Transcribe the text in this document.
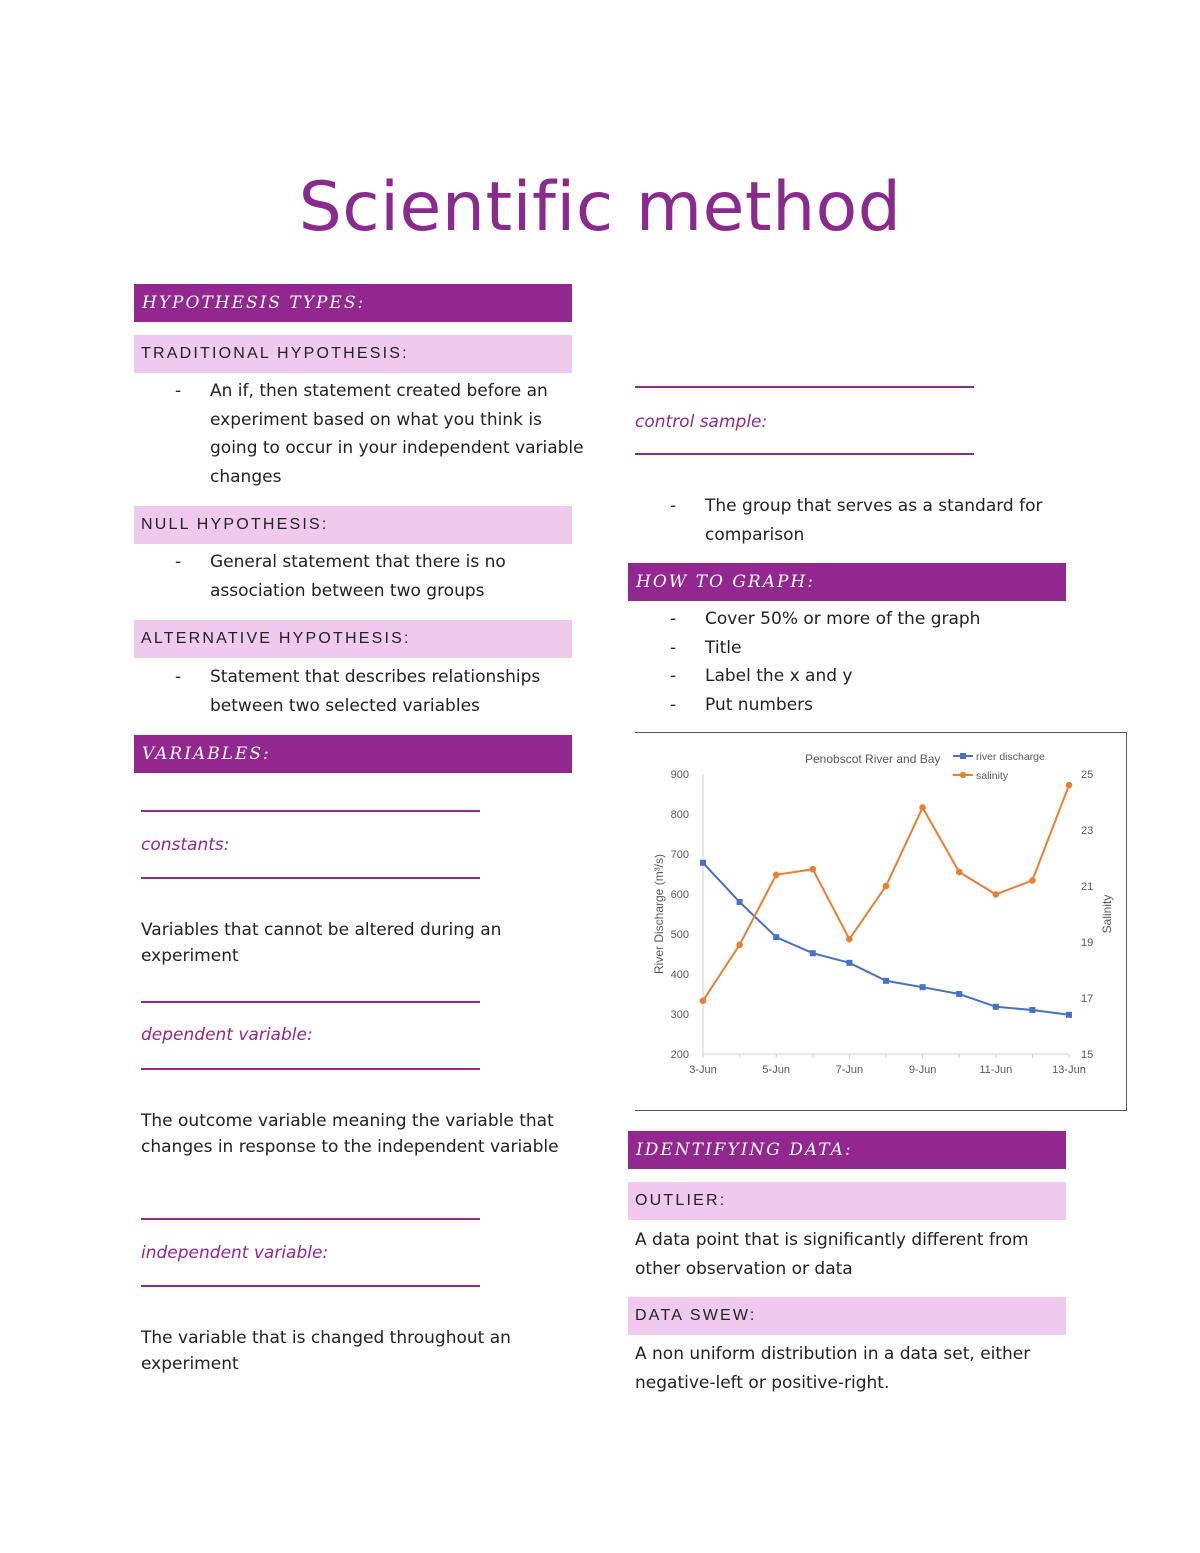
Scientific method
HYPOTHESIS TYPES:
TRADITIONAL HYPOTHESIS:
- An if, then statement created before an experiment based on what you think is going to occur in your independent variable changes
NULL HYPOTHESIS:
- General statement that there is no association between two groups
ALTERNATIVE HYPOTHESIS:
- Statement that describes relationships between two selected variables
VARIABLES:
constants:
Variables that cannot be altered during an experiment
dependent variable:
The outcome variable meaning the variable that changes in response to the independent variable
independent variable:
The variable that is changed throughout an experiment
control sample:
- The group that serves as a standard for comparison
HOW TO GRAPH:
- Cover 50% or more of the graph
- Title
- Label the x and y
- Put numbers
Penobscot River and Bay	river discharge
salinity
River Discharge (m³/s)	Salinity
200
300
400
500
600
700
800
900
15
17
19
21
23
25
3-Jun	5-Jun	7-Jun	9-Jun	11-Jun	13-Jun
IDENTIFYING DATA:
OUTLIER:
A data point that is significantly different from other observation or data
DATA SWEW:
A non uniform distribution in a data set, either negative-left or positive-right.
